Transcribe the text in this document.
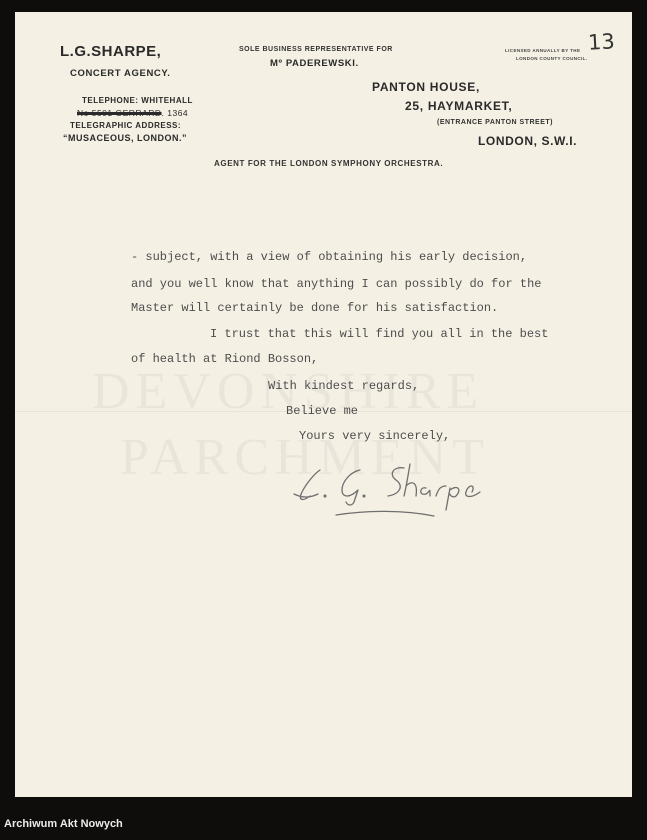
13
L.G.SHARPE,
CONCERT AGENCY.
TELEPHONE: WHITEHALL
No 5501 GERRARD. 1364
TELEGRAPHIC ADDRESS:
“MUSACEOUS, LONDON.”
SOLE BUSINESS REPRESENTATIVE FOR
Mº PADEREWSKI.
LICENSED ANNUALLY BY THE
LONDON COUNTY COUNCIL.
PANTON HOUSE,
25, HAYMARKET,
(ENTRANCE PANTON STREET)
LONDON, S.W.I.
AGENT FOR THE LONDON SYMPHONY ORCHESTRA.
- subject, with a view of obtaining his early decision,
and you well know that anything I can possibly do for the
Master will certainly be done for his satisfaction.
I trust that this will find you all in the best
of health at Riond Bosson,
With kindest regards,
Believe me
Yours very sincerely,
Archiwum Akt Nowych
